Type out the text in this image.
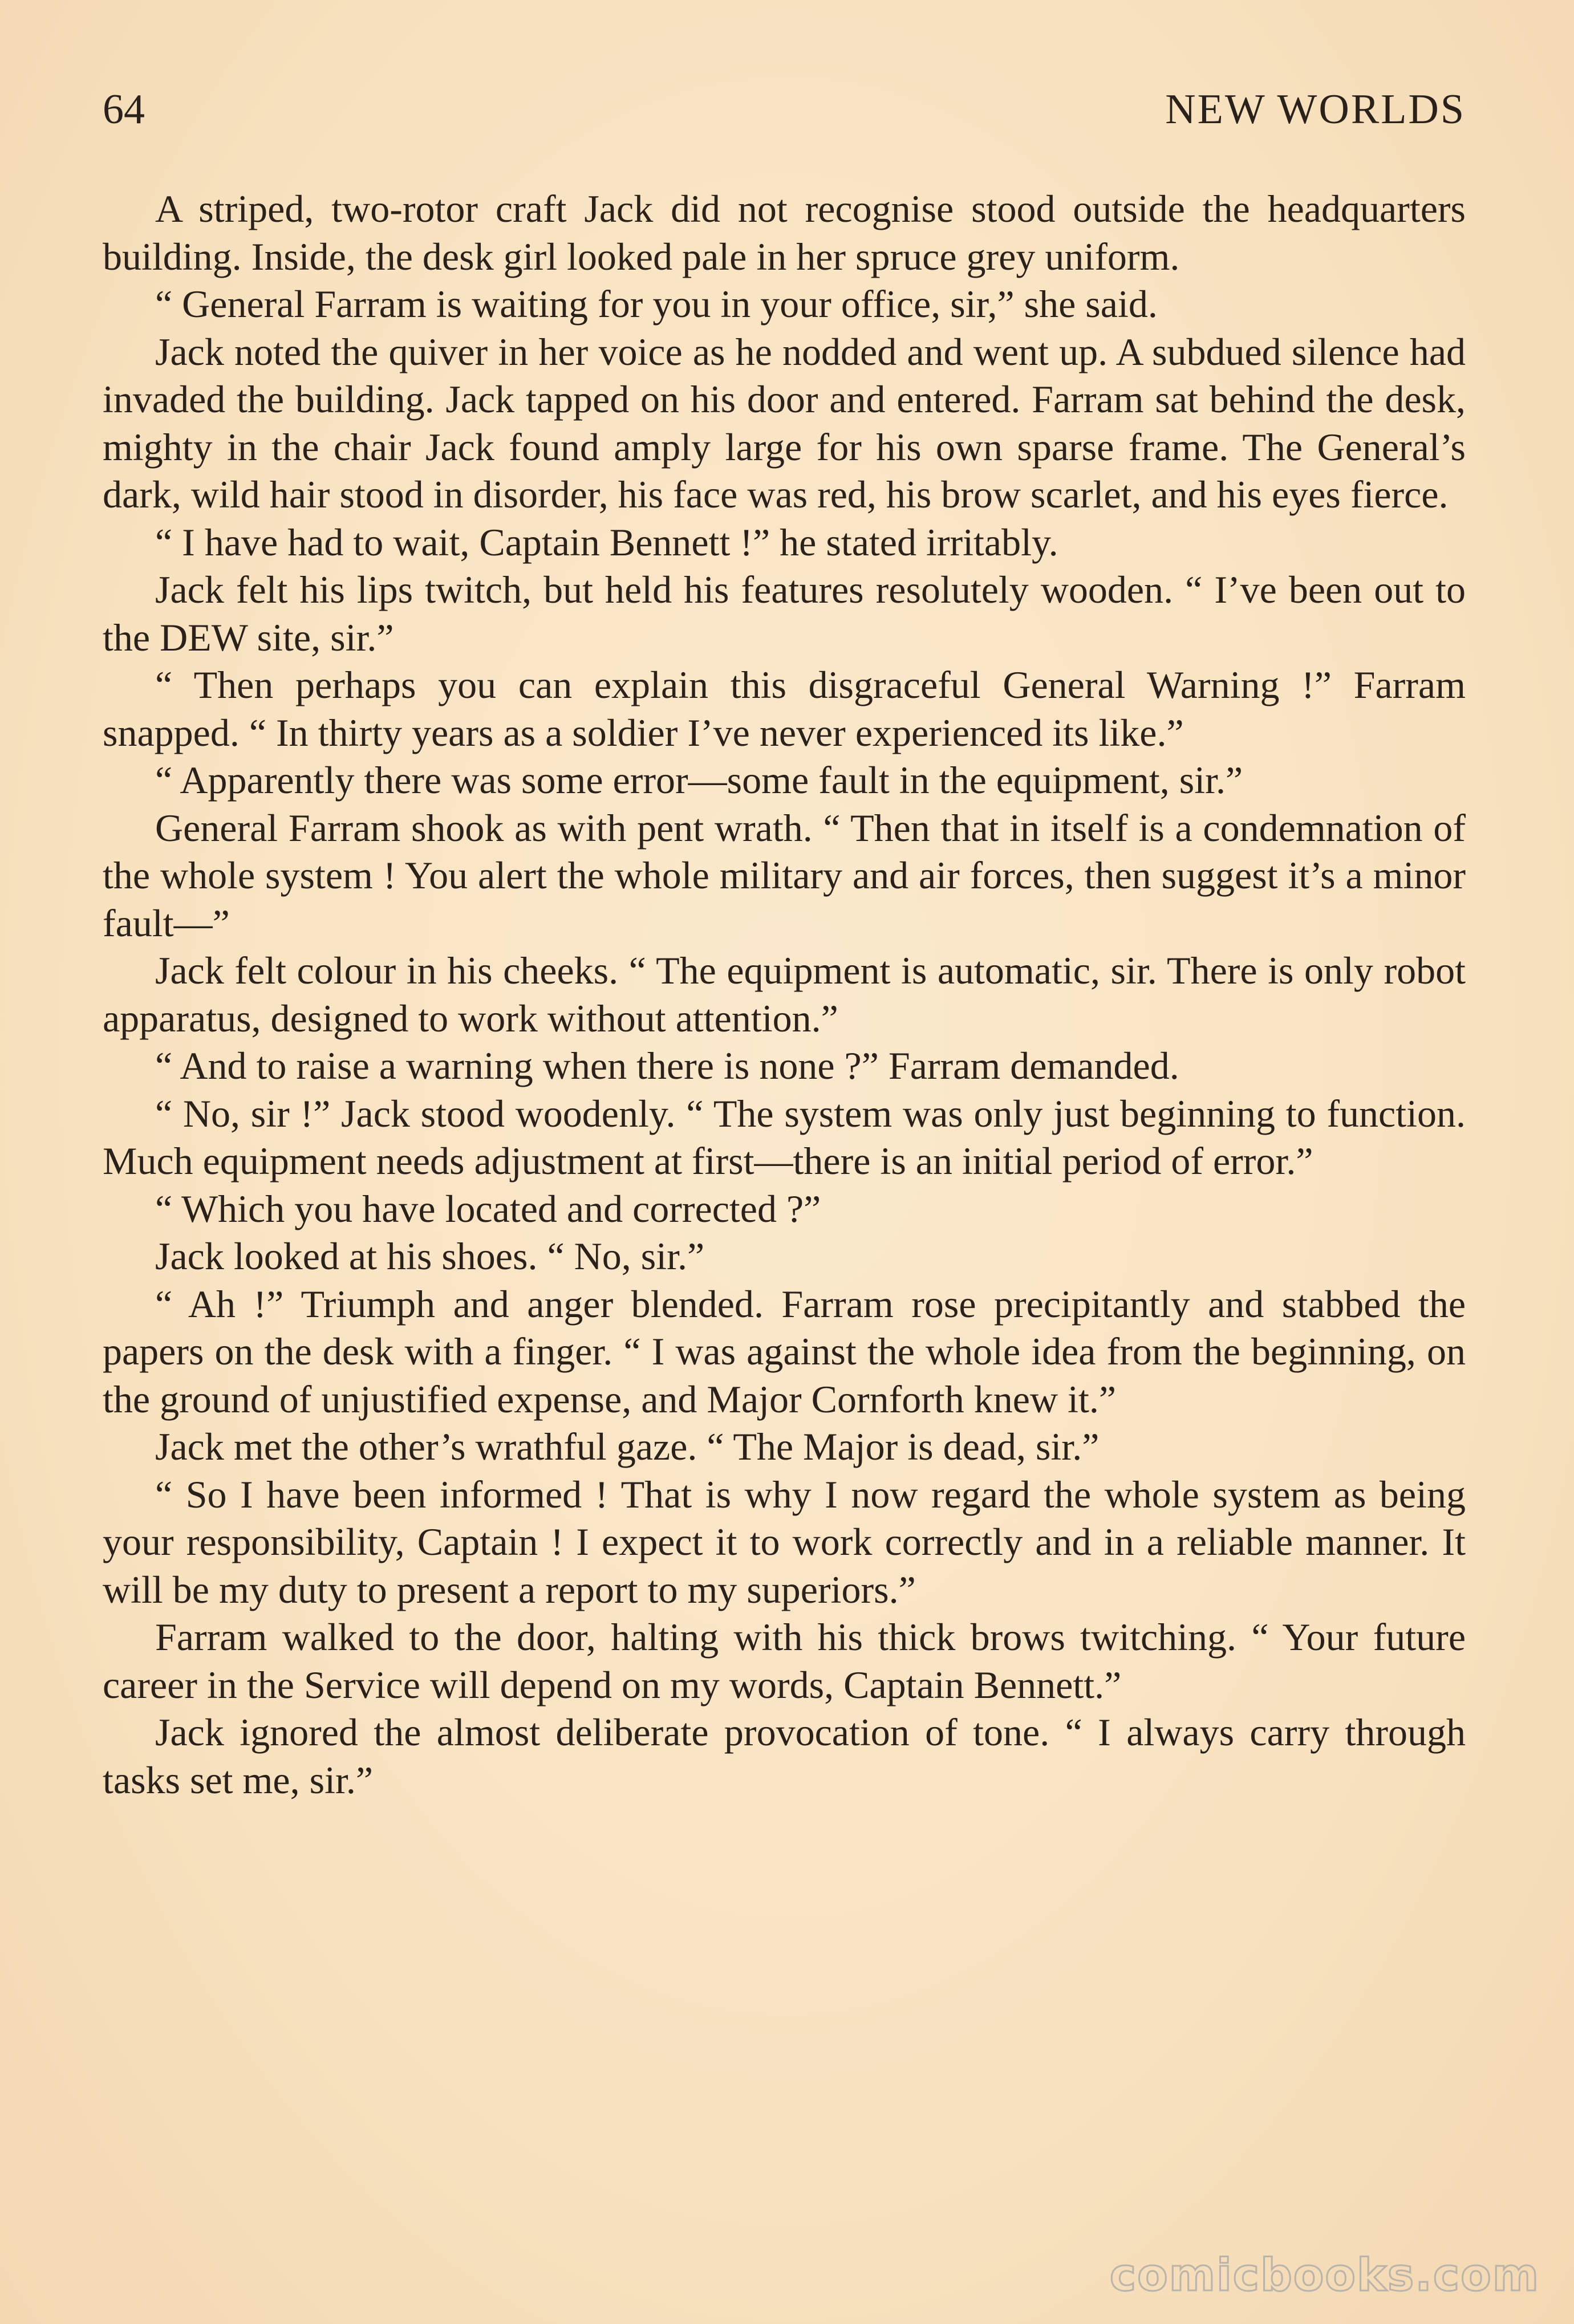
64	NEW WORLDS

A striped, two-rotor craft Jack did not recognise stood outside the headquarters building. Inside, the desk girl looked pale in her spruce grey uniform.

“ General Farram is waiting for you in your office, sir,” she said.

Jack noted the quiver in her voice as he nodded and went up. A subdued silence had invaded the building. Jack tapped on his door and entered. Farram sat behind the desk, mighty in the chair Jack found amply large for his own sparse frame. The General’s dark, wild hair stood in disorder, his face was red, his brow scarlet, and his eyes fierce.

“ I have had to wait, Captain Bennett !” he stated irritably.

Jack felt his lips twitch, but held his features resolutely wooden. “ I’ve been out to the DEW site, sir.”

“ Then perhaps you can explain this disgraceful General Warning !” Farram snapped. “ In thirty years as a soldier I’ve never experienced its like.”

“ Apparently there was some error—some fault in the equipment, sir.”

General Farram shook as with pent wrath. “ Then that in itself is a condemnation of the whole system ! You alert the whole military and air forces, then suggest it’s a minor fault—”

Jack felt colour in his cheeks. “ The equipment is automatic, sir. There is only robot apparatus, designed to work without attention.”

“ And to raise a warning when there is none ?” Farram demanded.

“ No, sir !” Jack stood woodenly. “ The system was only just beginning to function. Much equipment needs adjustment at first—there is an initial period of error.”

“ Which you have located and corrected ?”

Jack looked at his shoes. “ No, sir.”

“ Ah !” Triumph and anger blended. Farram rose precipitantly and stabbed the papers on the desk with a finger. “ I was against the whole idea from the beginning, on the ground of unjustified expense, and Major Cornforth knew it.”

Jack met the other’s wrathful gaze. “ The Major is dead, sir.”

“ So I have been informed ! That is why I now regard the whole system as being your responsibility, Captain ! I expect it to work correctly and in a reliable manner. It will be my duty to present a report to my superiors.”

Farram walked to the door, halting with his thick brows twitching. “ Your future career in the Service will depend on my words, Captain Bennett.”

Jack ignored the almost deliberate provocation of tone. “ I always carry through tasks set me, sir.”

comicbooks.com
